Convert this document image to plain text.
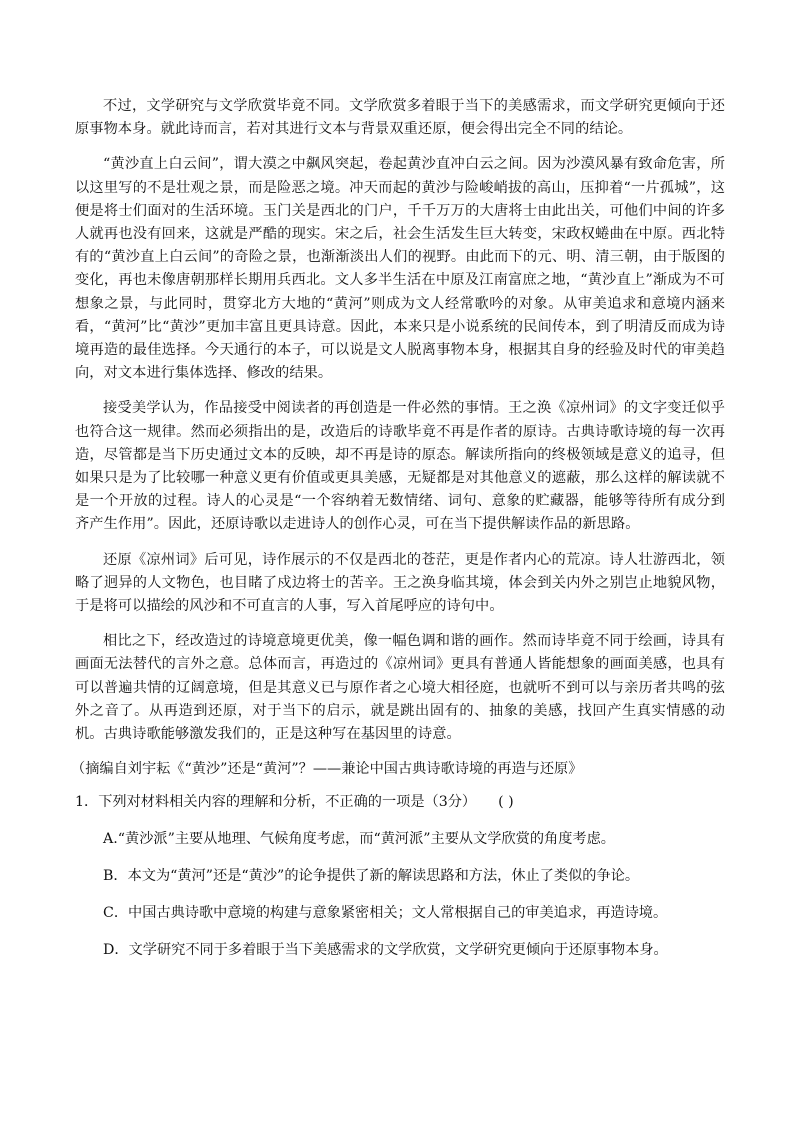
不过，文学研究与文学欣赏毕竟不同。文学欣赏多着眼于当下的美感需求，而文学研究更倾向于还原事物本身。就此诗而言，若对其进行文本与背景双重还原，便会得出完全不同的结论。

“黄沙直上白云间”，谓大漠之中飙风突起，卷起黄沙直冲白云之间。因为沙漠风暴有致命危害，所以这里写的不是壮观之景，而是险恶之境。冲天而起的黄沙与险峻峭拔的高山，压抑着“一片孤城”，这便是将士们面对的生活环境。玉门关是西北的门户，千千万万的大唐将士由此出关，可他们中间的许多人就再也没有回来，这就是严酷的现实。宋之后，社会生活发生巨大转变，宋政权蜷曲在中原。西北特有的“黄沙直上白云间”的奇险之景，也渐渐淡出人们的视野。由此而下的元、明、清三朝，由于版图的变化，再也未像唐朝那样长期用兵西北。文人多半生活在中原及江南富庶之地，“黄沙直上”渐成为不可想象之景，与此同时，贯穿北方大地的“黄河”则成为文人经常歌吟的对象。从审美追求和意境内涵来看，“黄河”比“黄沙”更加丰富且更具诗意。因此，本来只是小说系统的民间传本，到了明清反而成为诗境再造的最佳选择。今天通行的本子，可以说是文人脱离事物本身，根据其自身的经验及时代的审美趋向，对文本进行集体选择、修改的结果。

接受美学认为，作品接受中阅读者的再创造是一件必然的事情。王之涣《凉州词》的文字变迁似乎也符合这一规律。然而必须指出的是，改造后的诗歌毕竟不再是作者的原诗。古典诗歌诗境的每一次再造，尽管都是当下历史通过文本的反映，却不再是诗的原态。解读所指向的终极领域是意义的追寻，但如果只是为了比较哪一种意义更有价值或更具美感，无疑都是对其他意义的遮蔽，那么这样的解读就不是一个开放的过程。诗人的心灵是“一个容纳着无数情绪、词句、意象的贮藏器，能够等待所有成分到齐产生作用”。因此，还原诗歌以走进诗人的创作心灵，可在当下提供解读作品的新思路。

还原《凉州词》后可见，诗作展示的不仅是西北的苍茫，更是作者内心的荒凉。诗人壮游西北，领略了迥异的人文物色，也目睹了戍边将士的苦辛。王之涣身临其境，体会到关内外之别岂止地貌风物，于是将可以描绘的风沙和不可直言的人事，写入首尾呼应的诗句中。

相比之下，经改造过的诗境意境更优美，像一幅色调和谐的画作。然而诗毕竟不同于绘画，诗具有画面无法替代的言外之意。总体而言，再造过的《凉州词》更具有普通人皆能想象的画面美感，也具有可以普遍共情的辽阔意境，但是其意义已与原作者之心境大相径庭，也就听不到可以与亲历者共鸣的弦外之音了。从再造到还原，对于当下的启示，就是跳出固有的、抽象的美感，找回产生真实情感的动机。古典诗歌能够激发我们的，正是这种写在基因里的诗意。

（摘编自刘宇耘《“黄沙”还是“黄河”？——兼论中国古典诗歌诗境的再造与还原》

1．下列对材料相关内容的理解和分析，不正确的一项是（3分） ( )

A.“黄沙派”主要从地理、气候角度考虑，而“黄河派”主要从文学欣赏的角度考虑。

B．本文为“黄河”还是“黄沙”的论争提供了新的解读思路和方法，休止了类似的争论。

C．中国古典诗歌中意境的构建与意象紧密相关；文人常根据自己的审美追求，再造诗境。

D．文学研究不同于多着眼于当下美感需求的文学欣赏，文学研究更倾向于还原事物本身。
